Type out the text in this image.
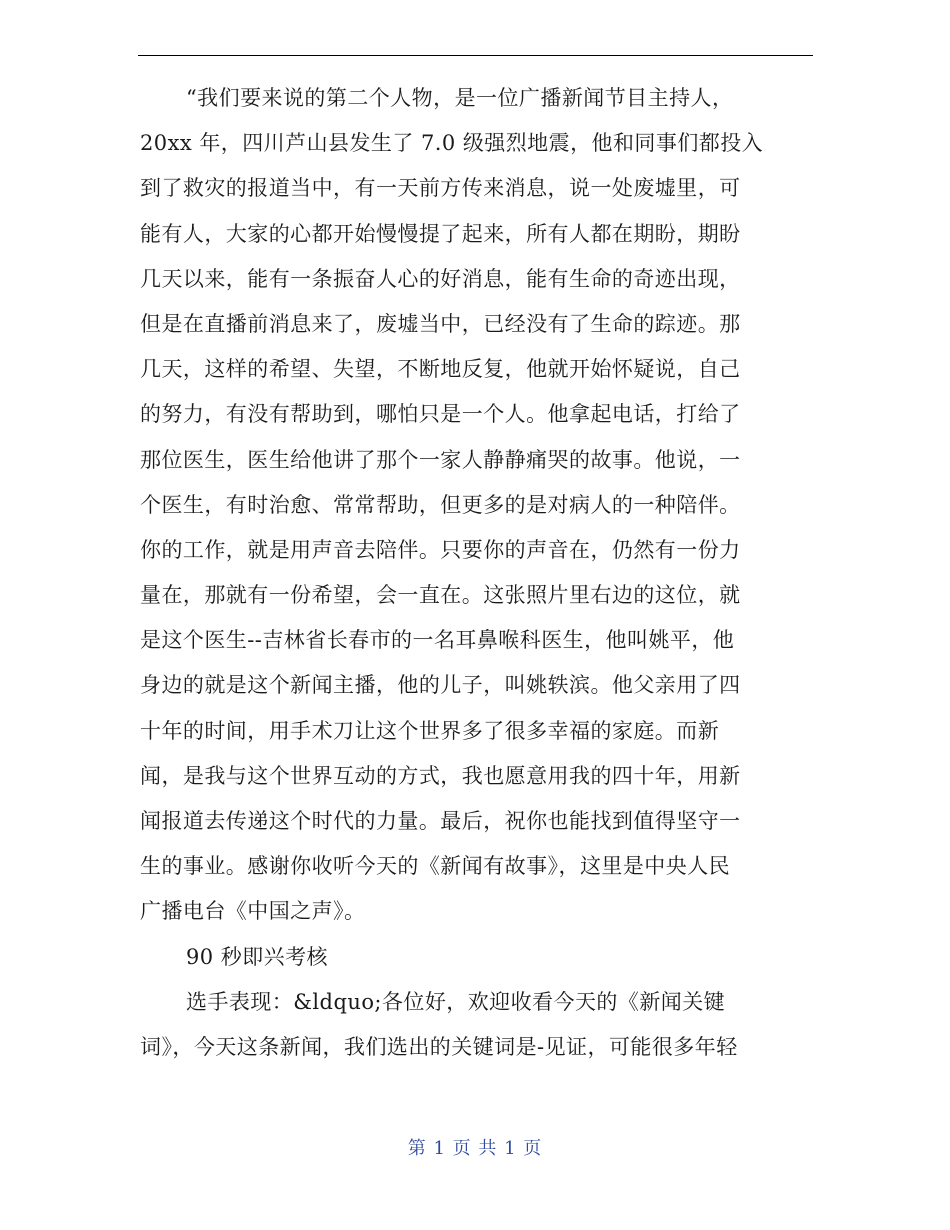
“我们要来说的第二个人物，是一位广播新闻节目主持人，
20xx 年，四川芦山县发生了 7.0 级强烈地震，他和同事们都投入
到了救灾的报道当中，有一天前方传来消息，说一处废墟里，可
能有人，大家的心都开始慢慢提了起来，所有人都在期盼，期盼
几天以来，能有一条振奋人心的好消息，能有生命的奇迹出现，
但是在直播前消息来了，废墟当中，已经没有了生命的踪迹。那
几天，这样的希望、失望，不断地反复，他就开始怀疑说，自己
的努力，有没有帮助到，哪怕只是一个人。他拿起电话，打给了
那位医生，医生给他讲了那个一家人静静痛哭的故事。他说，一
个医生，有时治愈、常常帮助，但更多的是对病人的一种陪伴。
你的工作，就是用声音去陪伴。只要你的声音在，仍然有一份力
量在，那就有一份希望，会一直在。这张照片里右边的这位，就
是这个医生--吉林省长春市的一名耳鼻喉科医生，他叫姚平，他
身边的就是这个新闻主播，他的儿子，叫姚轶滨。他父亲用了四
十年的时间，用手术刀让这个世界多了很多幸福的家庭。而新
闻，是我与这个世界互动的方式，我也愿意用我的四十年，用新
闻报道去传递这个时代的力量。最后，祝你也能找到值得坚守一
生的事业。感谢你收听今天的《新闻有故事》，这里是中央人民
广播电台《中国之声》。
90 秒即兴考核
选手表现：&ldquo;各位好，欢迎收看今天的《新闻关键
词》，今天这条新闻，我们选出的关键词是-见证，可能很多年轻
第 1 页 共 1 页
